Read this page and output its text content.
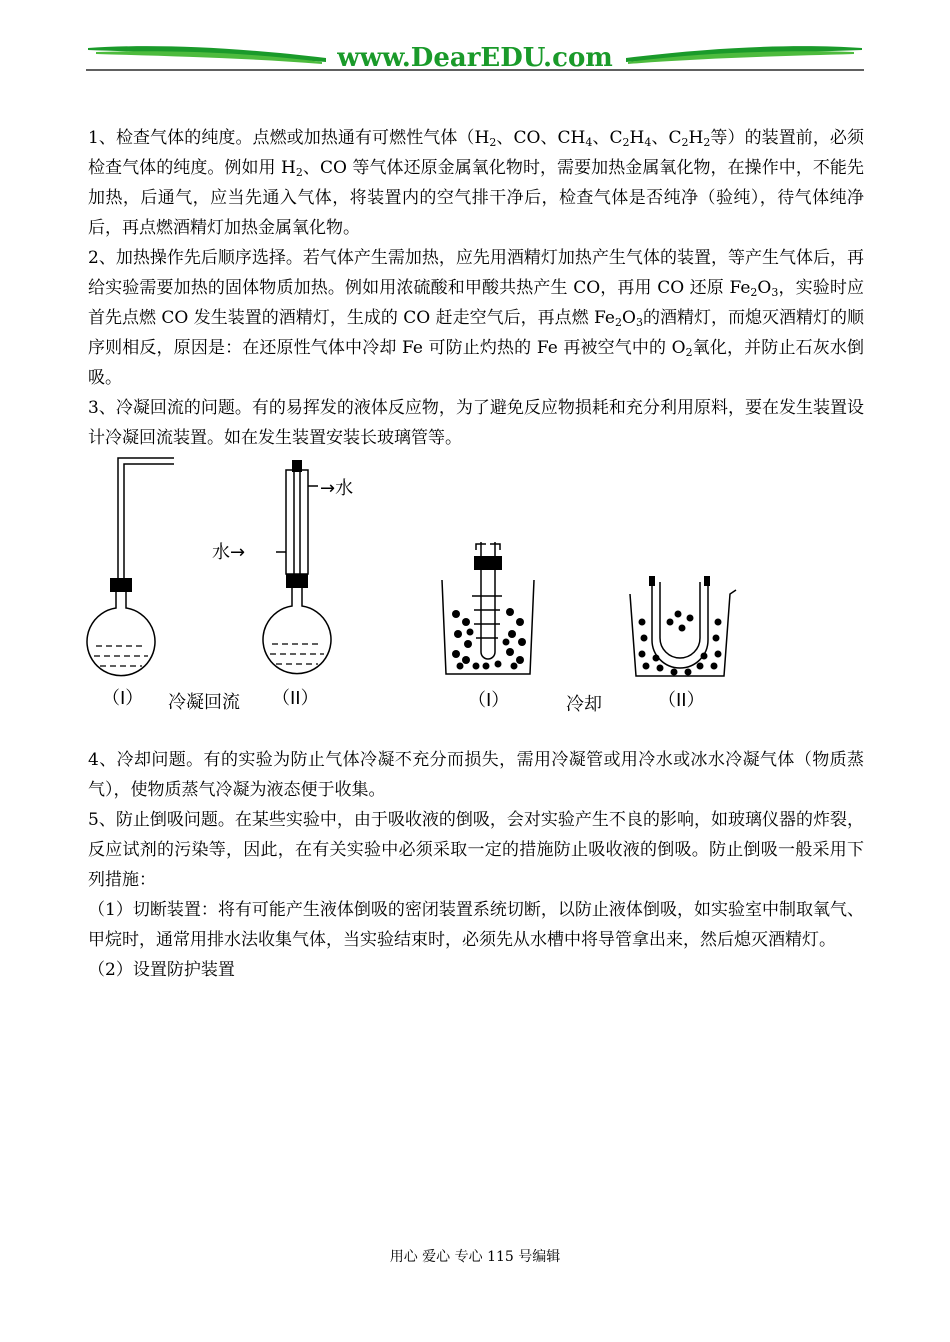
www.DearEDU.com

1、检查气体的纯度。点燃或加热通有可燃性气体（$H_2$、CO、$CH_4$、$C_2H_4$、$C_2H_2$等）的装置前，必须检查气体的纯度。例如用 $H_2$、CO 等气体还原金属氧化物时，需要加热金属氧化物，在操作中，不能先加热，后通气，应当先通入气体，将装置内的空气排干净后，检查气体是否纯净（验纯），待气体纯净后，再点燃酒精灯加热金属氧化物。

2、加热操作先后顺序选择。若气体产生需加热，应先用酒精灯加热产生气体的装置，等产生气体后，再给实验需要加热的固体物质加热。例如用浓硫酸和甲酸共热产生 CO，再用 CO 还原 $Fe_2O_3$，实验时应首先点燃 CO 发生装置的酒精灯，生成的 CO 赶走空气后，再点燃 $Fe_2O_3$的酒精灯，而熄灭酒精灯的顺序则相反，原因是：在还原性气体中冷却 Fe 可防止灼热的 Fe 再被空气中的 $O_2$氧化，并防止石灰水倒吸。

3、冷凝回流的问题。有的易挥发的液体反应物，为了避免反应物损耗和充分利用原料，要在发生装置设计冷凝回流装置。如在发生装置安装长玻璃管等。

（I） 冷凝回流 （II）
→水
水→
（I）	冷却	（II）

4、冷却问题。有的实验为防止气体冷凝不充分而损失，需用冷凝管或用冷水或冰水冷凝气体（物质蒸气），使物质蒸气冷凝为液态便于收集。

5、防止倒吸问题。在某些实验中，由于吸收液的倒吸，会对实验产生不良的影响，如玻璃仪器的炸裂，反应试剂的污染等，因此，在有关实验中必须采取一定的措施防止吸收液的倒吸。防止倒吸一般采用下列措施：

（1）切断装置：将有可能产生液体倒吸的密闭装置系统切断，以防止液体倒吸，如实验室中制取氧气、甲烷时，通常用排水法收集气体，当实验结束时，必须先从水槽中将导管拿出来，然后熄灭酒精灯。

（2）设置防护装置

用心 爱心 专心 115 号编辑
